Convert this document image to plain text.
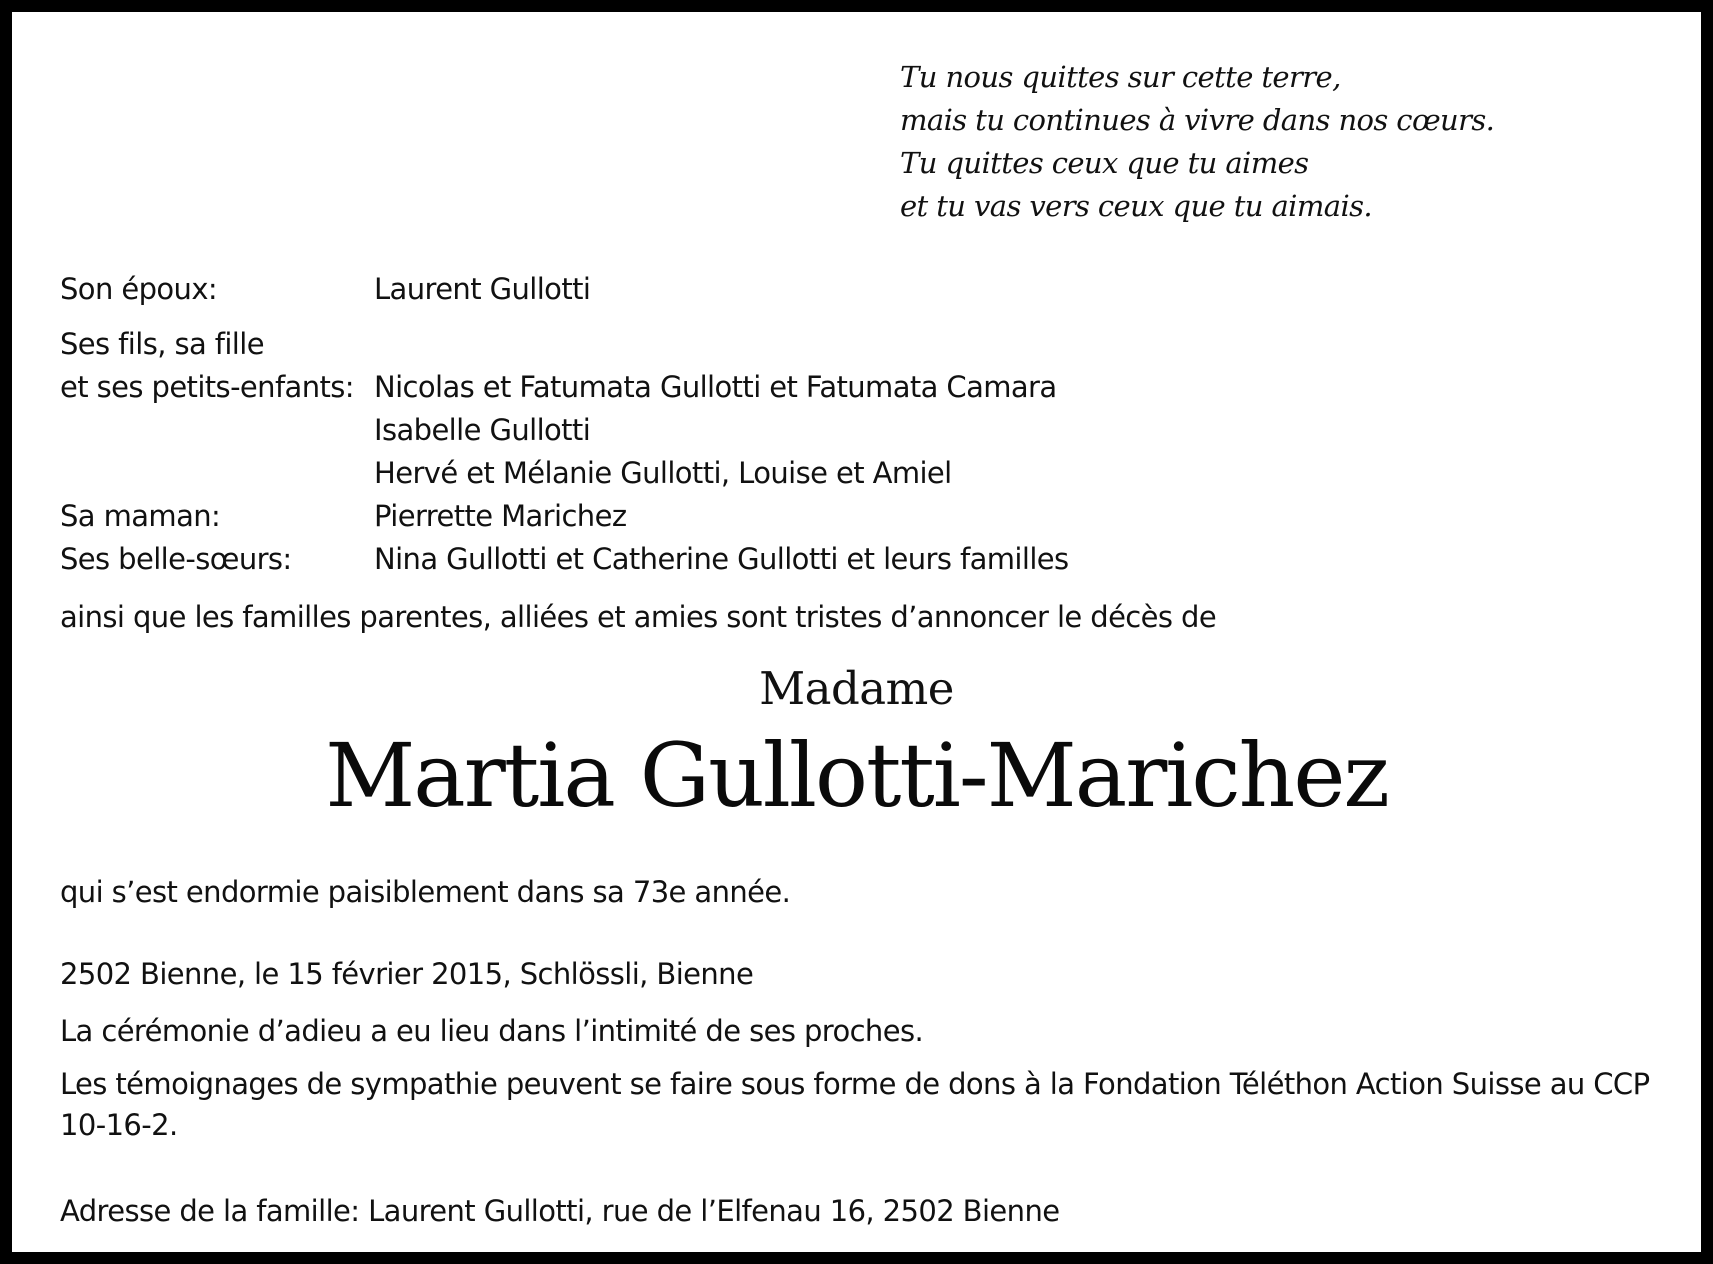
Tu nous quittes sur cette terre,
mais tu continues à vivre dans nos cœurs.
Tu quittes ceux que tu aimes
et tu vas vers ceux que tu aimais.
Son époux:	Laurent Gullotti
Ses fils, sa fille
et ses petits-enfants: Nicolas et Fatumata Gullotti et Fatumata Camara
Isabelle Gullotti
Hervé et Mélanie Gullotti, Louise et Amiel
Sa maman:	Pierrette Marichez
Ses belle-sœurs:	Nina Gullotti et Catherine Gullotti et leurs familles
ainsi que les familles parentes, alliées et amies sont tristes d’annoncer le décès de
Madame
Martia Gullotti-Marichez
qui s’est endormie paisiblement dans sa 73e année.
2502 Bienne, le 15 février 2015, Schlössli, Bienne
La cérémonie d’adieu a eu lieu dans l’intimité de ses proches.
Les témoignages de sympathie peuvent se faire sous forme de dons à la Fondation Téléthon Action Suisse au CCP 10-16-2.
Adresse de la famille: Laurent Gullotti, rue de l’Elfenau 16, 2502 Bienne
